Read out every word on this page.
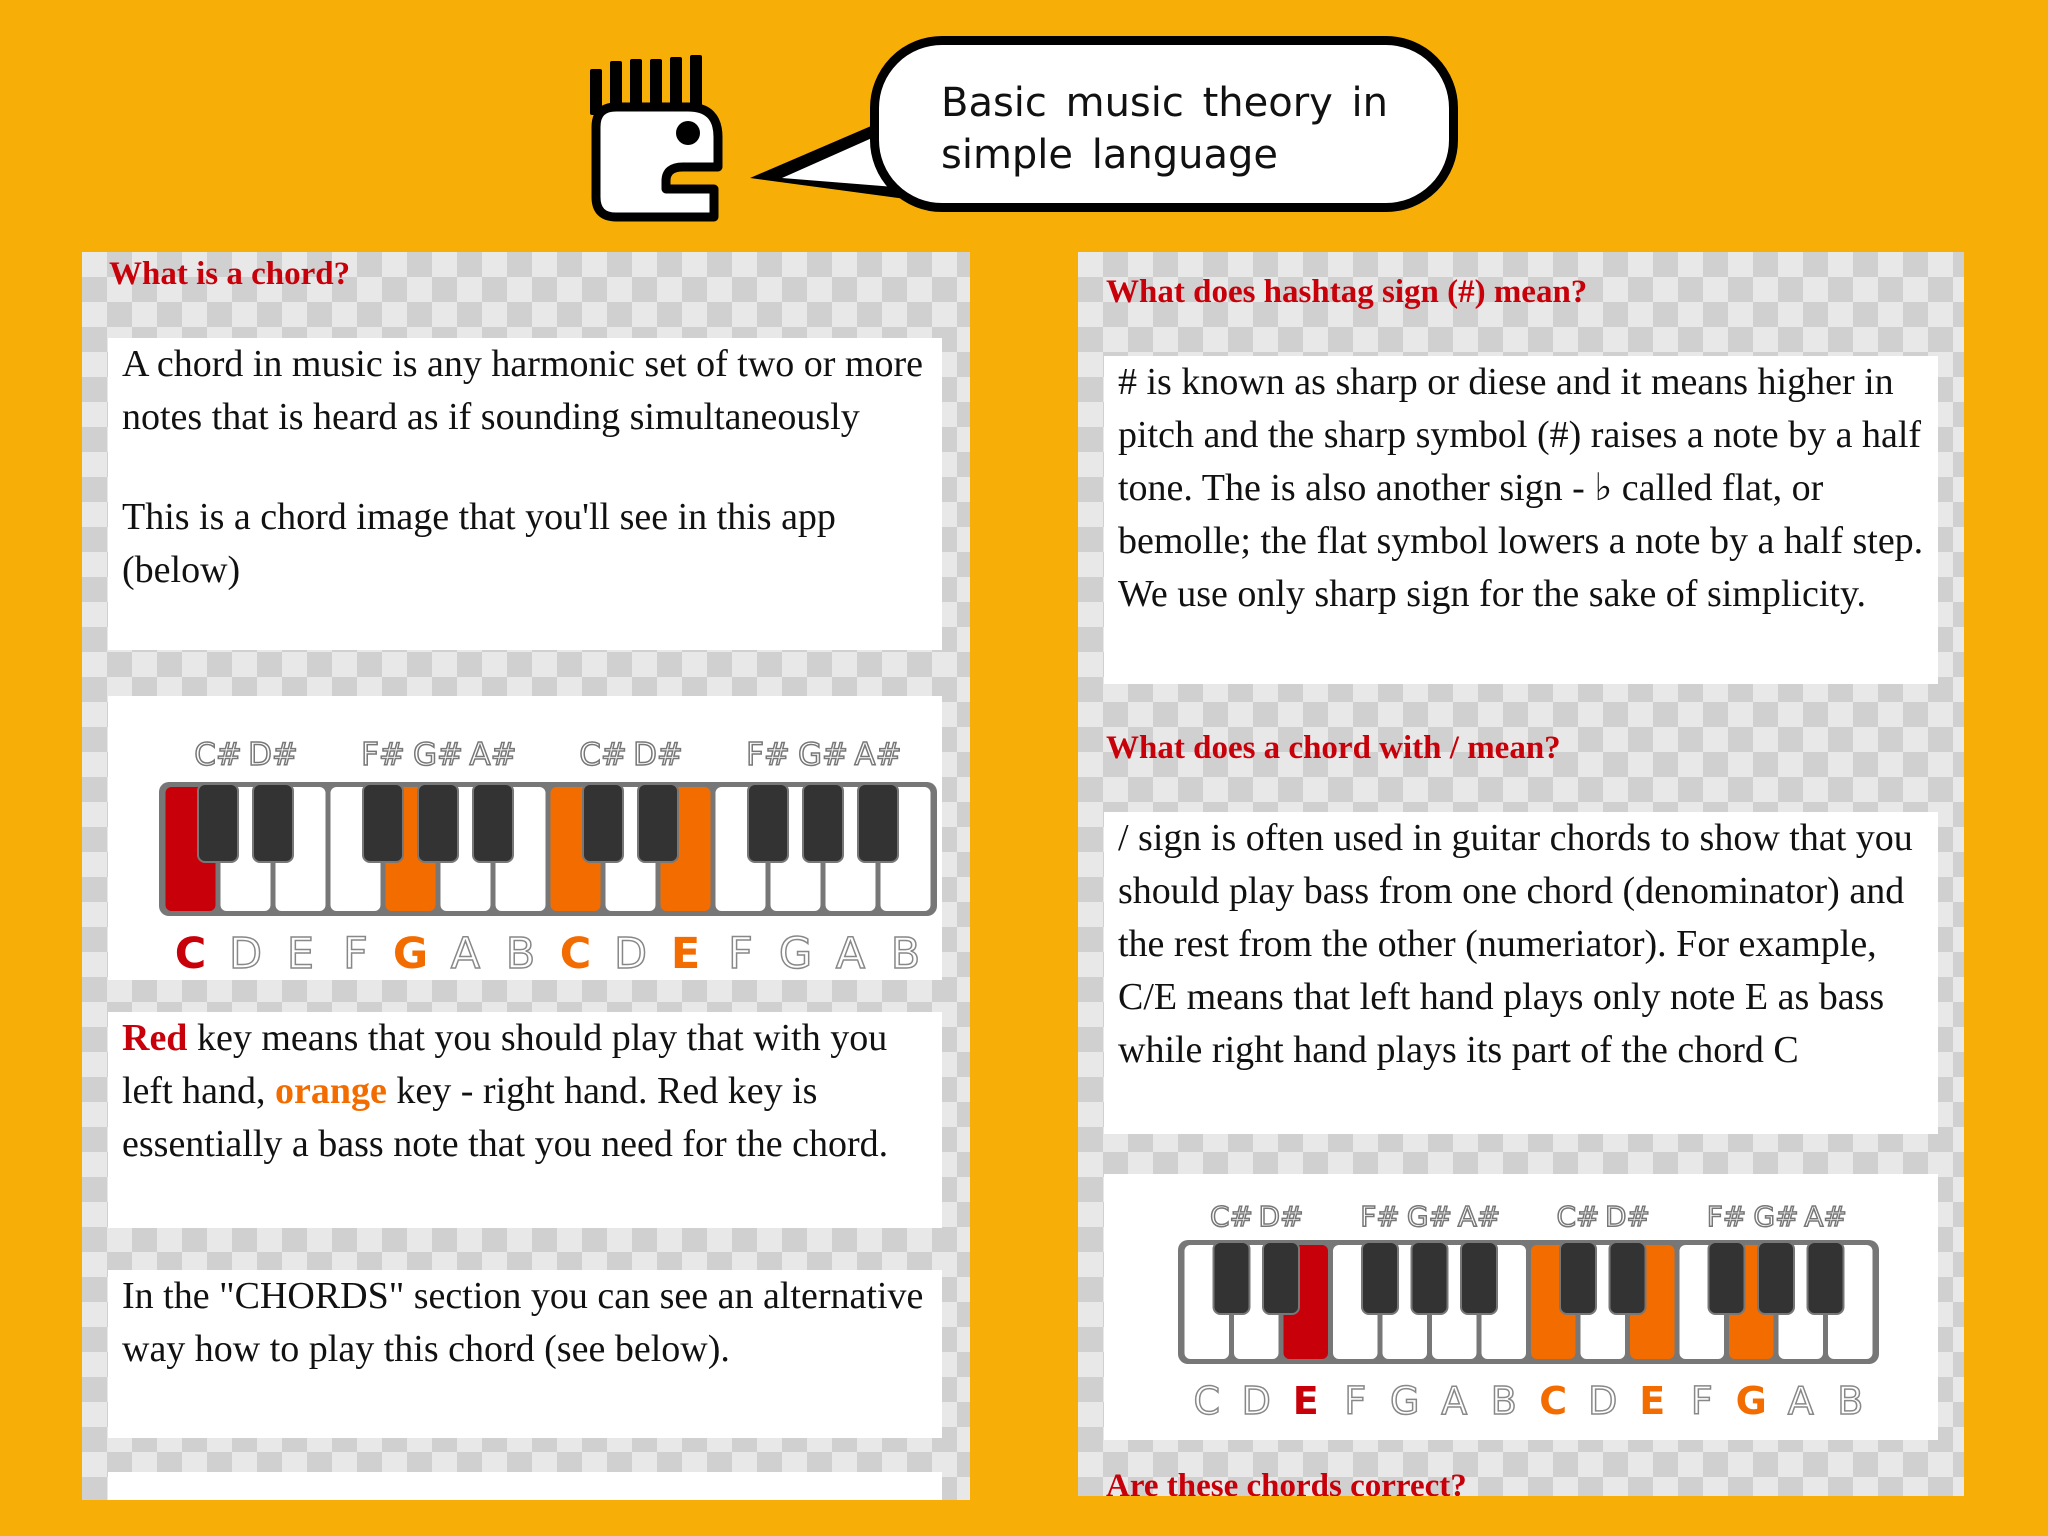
Basic music theory in
simple language
What is a chord?

A chord in music is any harmonic set of two or more notes that is heard as if sounding simultaneously

This is a chord image that you'll see in this app (below)

C# D# F# G# A# C# D# F# G# A#
C D E F G A B C D E F G A B

Red key means that you should play that with you left hand, orange key - right hand. Red key is essentially a bass note that you need for the chord.

In the "CHORDS" section you can see an alternative way how to play this chord (see below).

What does hashtag sign (#) mean?

# is known as sharp or diese and it means higher in pitch and the sharp symbol (#) raises a note by a half tone. The is also another sign - ♭ called flat, or bemolle; the flat symbol lowers a note by a half step. We use only sharp sign for the sake of simplicity.

What does a chord with / mean?

/ sign is often used in guitar chords to show that you should play bass from one chord (denominator) and the rest from the other (numeriator). For example, C/E means that left hand plays only note E as bass while right hand plays its part of the chord C

C# D# F# G# A# C# D# F# G# A#
C D E F G A B C D E F G A B
Are these chords correct?
